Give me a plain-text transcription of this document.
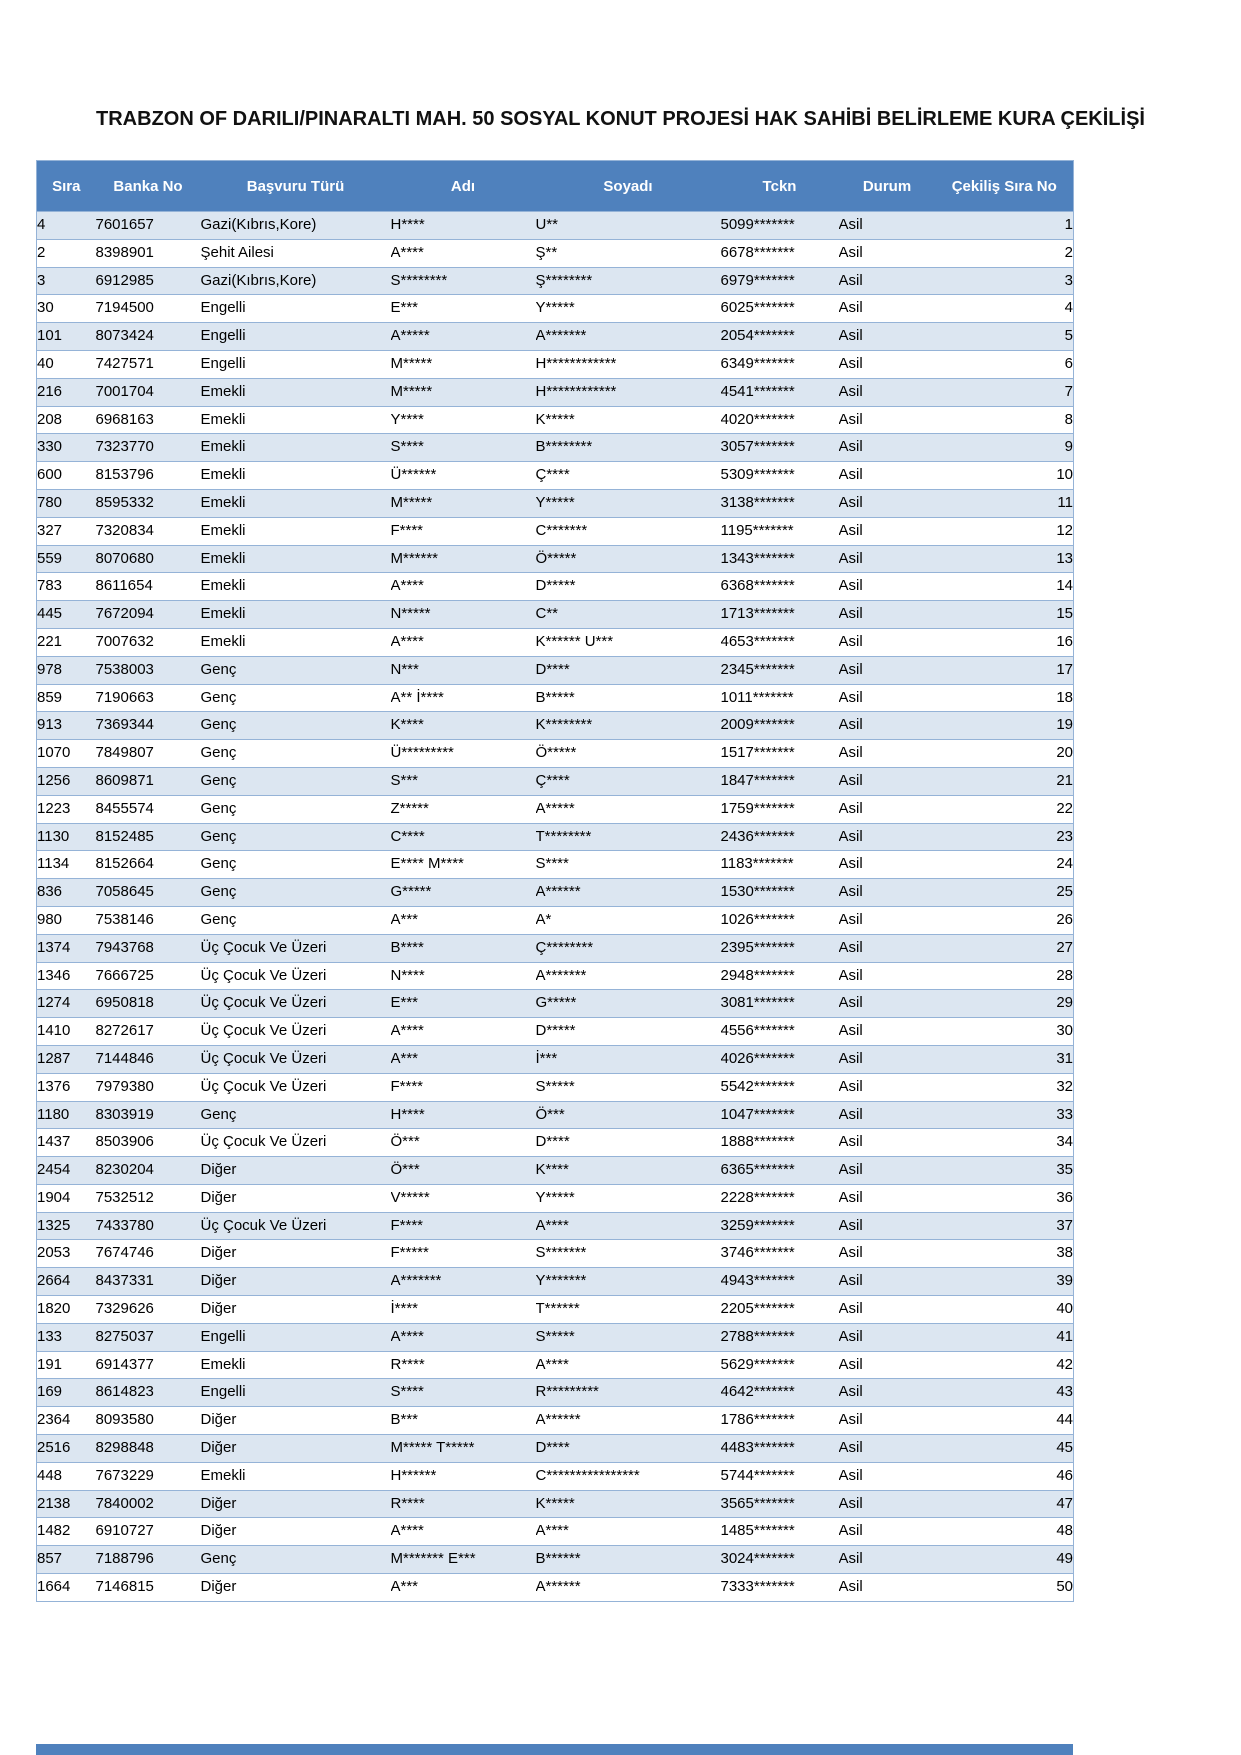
TRABZON OF DARILI/PINARALTI MAH. 50 SOSYAL KONUT PROJESİ HAK SAHİBİ BELİRLEME KURA ÇEKİLİŞİ
Sıra	Banka No	Başvuru Türü	Adı	Soyadı	Tckn	Durum	Çekiliş Sıra No
4	7601657	Gazi(Kıbrıs,Kore)	H****	U**	5099*******	Asil	1
2	8398901	Şehit Ailesi	A****	Ş**	6678*******	Asil	2
3	6912985	Gazi(Kıbrıs,Kore)	S********	Ş********	6979*******	Asil	3
30	7194500	Engelli	E***	Y*****	6025*******	Asil	4
101	8073424	Engelli	A*****	A*******	2054*******	Asil	5
40	7427571	Engelli	M*****	H************	6349*******	Asil	6
216	7001704	Emekli	M*****	H************	4541*******	Asil	7
208	6968163	Emekli	Y****	K*****	4020*******	Asil	8
330	7323770	Emekli	S****	B********	3057*******	Asil	9
600	8153796	Emekli	Ü******	Ç****	5309*******	Asil	10
780	8595332	Emekli	M*****	Y*****	3138*******	Asil	11
327	7320834	Emekli	F****	C*******	1195*******	Asil	12
559	8070680	Emekli	M******	Ö*****	1343*******	Asil	13
783	8611654	Emekli	A****	D*****	6368*******	Asil	14
445	7672094	Emekli	N*****	C**	1713*******	Asil	15
221	7007632	Emekli	A****	K****** U***	4653*******	Asil	16
978	7538003	Genç	N***	D****	2345*******	Asil	17
859	7190663	Genç	A** İ****	B*****	1011*******	Asil	18
913	7369344	Genç	K****	K********	2009*******	Asil	19
1070	7849807	Genç	Ü*********	Ö*****	1517*******	Asil	20
1256	8609871	Genç	S***	Ç****	1847*******	Asil	21
1223	8455574	Genç	Z*****	A*****	1759*******	Asil	22
1130	8152485	Genç	C****	T********	2436*******	Asil	23
1134	8152664	Genç	E**** M****	S****	1183*******	Asil	24
836	7058645	Genç	G*****	A******	1530*******	Asil	25
980	7538146	Genç	A***	A*	1026*******	Asil	26
1374	7943768	Üç Çocuk Ve Üzeri	B****	Ç********	2395*******	Asil	27
1346	7666725	Üç Çocuk Ve Üzeri	N****	A*******	2948*******	Asil	28
1274	6950818	Üç Çocuk Ve Üzeri	E***	G*****	3081*******	Asil	29
1410	8272617	Üç Çocuk Ve Üzeri	A****	D*****	4556*******	Asil	30
1287	7144846	Üç Çocuk Ve Üzeri	A***	İ***	4026*******	Asil	31
1376	7979380	Üç Çocuk Ve Üzeri	F****	S*****	5542*******	Asil	32
1180	8303919	Genç	H****	Ö***	1047*******	Asil	33
1437	8503906	Üç Çocuk Ve Üzeri	Ö***	D****	1888*******	Asil	34
2454	8230204	Diğer	Ö***	K****	6365*******	Asil	35
1904	7532512	Diğer	V*****	Y*****	2228*******	Asil	36
1325	7433780	Üç Çocuk Ve Üzeri	F****	A****	3259*******	Asil	37
2053	7674746	Diğer	F*****	S*******	3746*******	Asil	38
2664	8437331	Diğer	A*******	Y*******	4943*******	Asil	39
1820	7329626	Diğer	İ****	T******	2205*******	Asil	40
133	8275037	Engelli	A****	S*****	2788*******	Asil	41
191	6914377	Emekli	R****	A****	5629*******	Asil	42
169	8614823	Engelli	S****	R*********	4642*******	Asil	43
2364	8093580	Diğer	B***	A******	1786*******	Asil	44
2516	8298848	Diğer	M***** T*****	D****	4483*******	Asil	45
448	7673229	Emekli	H******	C****************	5744*******	Asil	46
2138	7840002	Diğer	R****	K*****	3565*******	Asil	47
1482	6910727	Diğer	A****	A****	1485*******	Asil	48
857	7188796	Genç	M******* E***	B******	3024*******	Asil	49
1664	7146815	Diğer	A***	A******	7333*******	Asil	50
